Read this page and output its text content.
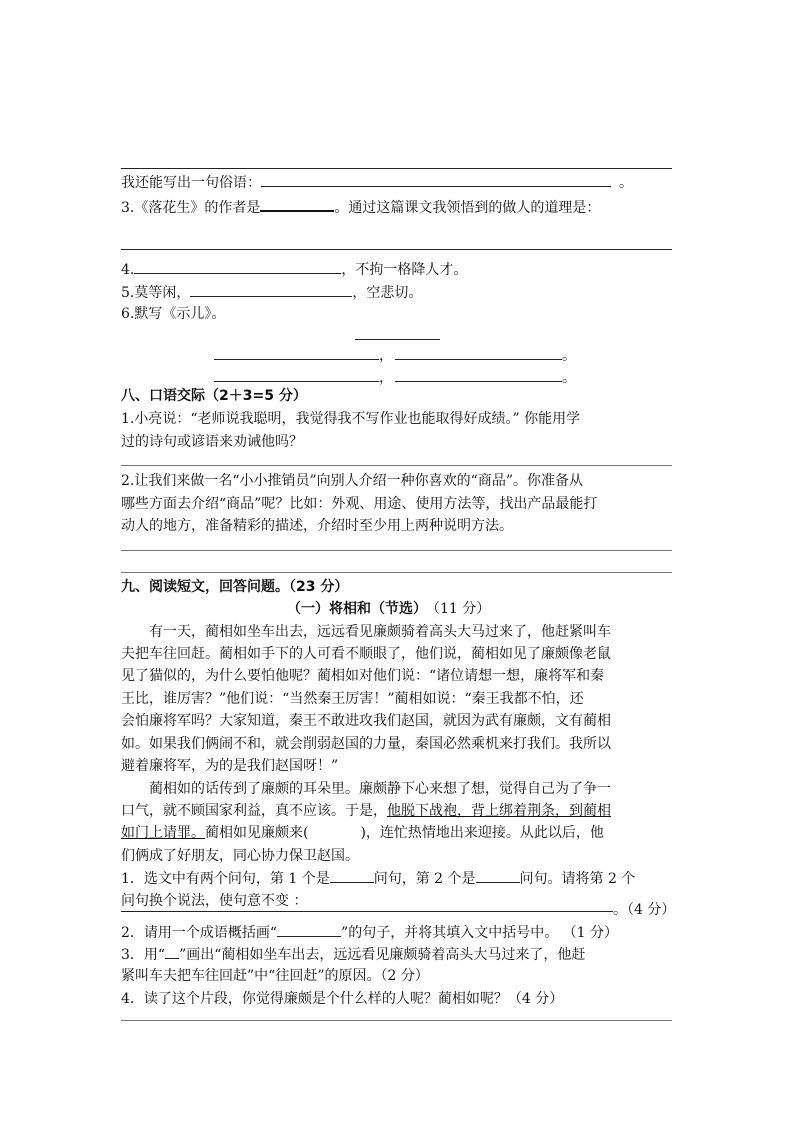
我还能写出一句俗语：	。
3.《落花生》的作者是	。通过这篇课文我领悟到的做人的道理是：
4.	，不拘一格降人才。
5.莫等闲，	，空悲切。
6.默写《示儿》。
，	。
，	。
八、口语交际（2＋3=5 分）
1.小亮说：“老师说我聪明，我觉得我不写作业也能取得好成绩。” 你能用学
过的诗句或谚语来劝诫他吗？
2.让我们来做一名“小小推销员”向别人介绍一种你喜欢的“商品”。你准备从
哪些方面去介绍“商品”呢？比如：外观、用途、使用方法等，找出产品最能打
动人的地方，准备精彩的描述，介绍时至少用上两种说明方法。
九、阅读短文，回答问题。（23 分）
（一）将相和（节选） （11 分）
有一天，蔺相如坐车出去，远远看见廉颇骑着高头大马过来了，他赶紧叫车
夫把车往回赶。蔺相如手下的人可看不顺眼了，他们说，蔺相如见了廉颇像老鼠
见了猫似的，为什么要怕他呢？蔺相如对他们说：“诸位请想一想，廉将军和秦
王比，谁厉害？”他们说：“当然秦王厉害！”蔺相如说：“秦王我都不怕，还
会怕廉将军吗？大家知道，秦王不敢进攻我们赵国，就因为武有廉颇，文有蔺相
如。如果我们俩闹不和，就会削弱赵国的力量，秦国必然乘机来打我们。我所以
避着廉将军，为的是我们赵国呀！”
蔺相如的话传到了廉颇的耳朵里。廉颇静下心来想了想，觉得自己为了争一
口气，就不顾国家利益，真不应该。于是，他脱下战袍，背上绑着荆条，到蔺相
如门上请罪。蔺相如见廉颇来(	)，连忙热情地出来迎接。从此以后，他
们俩成了好朋友，同心协力保卫赵国。
1．选文中有两个问句，第 1 个是	问句，第 2 个是	问句。请将第 2 个
问句换个说法，使句意不变 ：
。（4 分）
2．请用一个成语概括画“	”的句子，并将其填入文中括号中。 （1 分）
3．用“ ”画出“蔺相如坐车出去，远远看见廉颇骑着高头大马过来了，他赶
紧叫车夫把车往回赶”中“往回赶”的原因。（2 分）
4．读了这个片段，你觉得廉颇是个什么样的人呢？蔺相如呢？（4 分）
